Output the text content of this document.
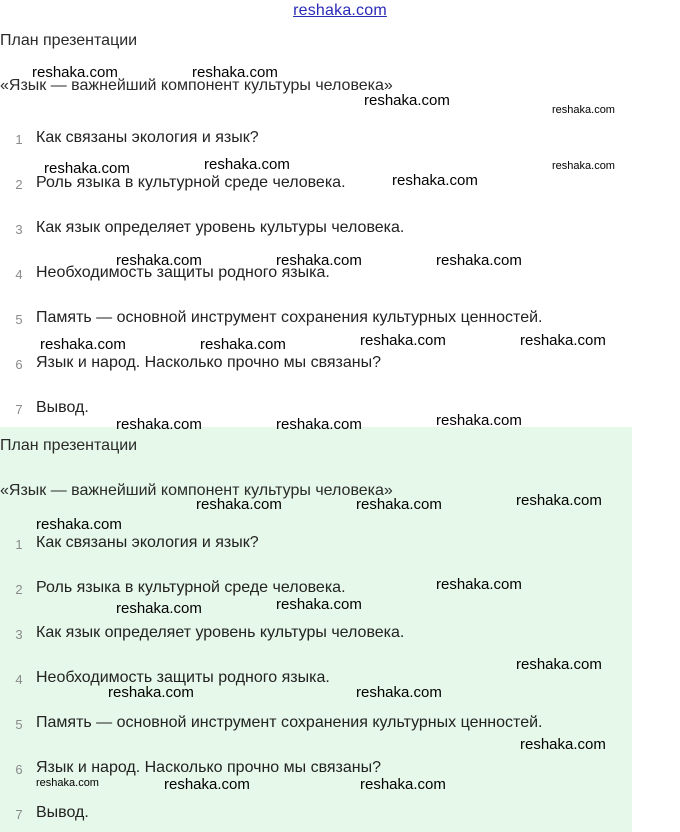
reshaka.com
План презентации
«Язык — важнейший компонент культуры человека»
1 Как связаны экология и язык?
2 Роль языка в культурной среде человека.
3 Как язык определяет уровень культуры человека.
4 Необходимость защиты родного языка.
5 Память — основной инструмент сохранения культурных ценностей.
6 Язык и народ. Насколько прочно мы связаны?
7 Вывод.
План презентации
«Язык — важнейший компонент культуры человека»
1 Как связаны экология и язык?
2 Роль языка в культурной среде человека.
3 Как язык определяет уровень культуры человека.
4 Необходимость защиты родного языка.
5 Память — основной инструмент сохранения культурных ценностей.
6 Язык и народ. Насколько прочно мы связаны?
7 Вывод.
reshaka.com	reshaka.com
reshaka.com
reshaka.com
reshaka.com	reshaka.com
reshaka.com
reshaka.com
reshaka.com	reshaka.com	reshaka.com
reshaka.com	reshaka.com	reshaka.com	reshaka.com
reshaka.com	reshaka.com	reshaka.com
reshaka.com	reshaka.com	reshaka.com
reshaka.com
reshaka.com
reshaka.com	reshaka.com
reshaka.com
reshaka.com	reshaka.com
reshaka.com
reshaka.com	reshaka.com	reshaka.com
